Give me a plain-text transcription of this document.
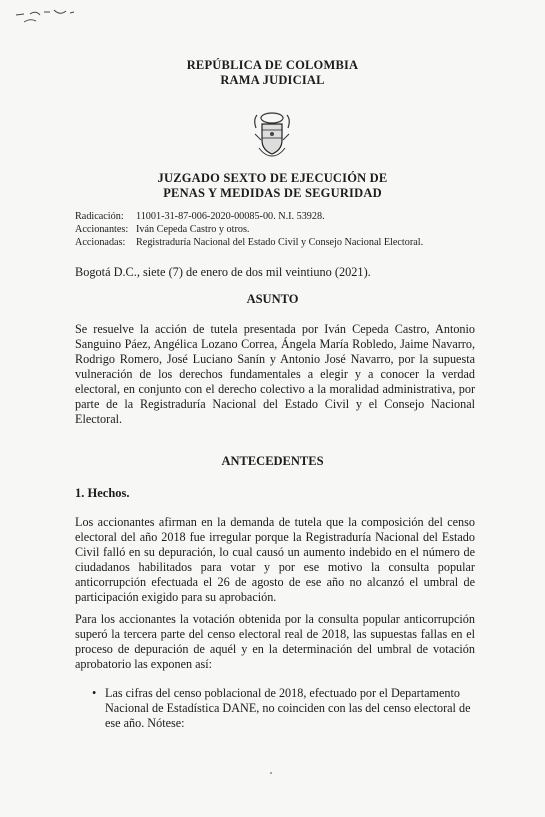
REPÚBLICA DE COLOMBIA
RAMA JUDICIAL
JUZGADO SEXTO DE EJECUCIÓN DE
PENAS Y MEDIDAS DE SEGURIDAD
Radicación: 11001-31-87-006-2020-00085-00. N.I. 53928.
Accionantes: Iván Cepeda Castro y otros.
Accionadas: Registraduría Nacional del Estado Civil y Consejo Nacional Electoral.
Bogotá D.C., siete (7) de enero de dos mil veintiuno (2021).
ASUNTO
Se resuelve la acción de tutela presentada por Iván Cepeda Castro, Antonio Sanguino Páez, Angélica Lozano Correa, Ángela María Robledo, Jaime Navarro, Rodrigo Romero, José Luciano Sanín y Antonio José Navarro, por la supuesta vulneración de los derechos fundamentales a elegir y a conocer la verdad electoral, en conjunto con el derecho colectivo a la moralidad administrativa, por parte de la Registraduría Nacional del Estado Civil y el Consejo Nacional Electoral.
ANTECEDENTES
1. Hechos.
Los accionantes afirman en la demanda de tutela que la composición del censo electoral del año 2018 fue irregular porque la Registraduría Nacional del Estado Civil falló en su depuración, lo cual causó un aumento indebido en el número de ciudadanos habilitados para votar y por ese motivo la consulta popular anticorrupción efectuada el 26 de agosto de ese año no alcanzó el umbral de participación exigido para su aprobación.
Para los accionantes la votación obtenida por la consulta popular anticorrupción superó la tercera parte del censo electoral real de 2018, las supuestas fallas en el proceso de depuración de aquél y en la determinación del umbral de votación aprobatorio las exponen así:
• Las cifras del censo poblacional de 2018, efectuado por el Departamento Nacional de Estadística DANE, no coinciden con las del censo electoral de ese año. Nótese:
